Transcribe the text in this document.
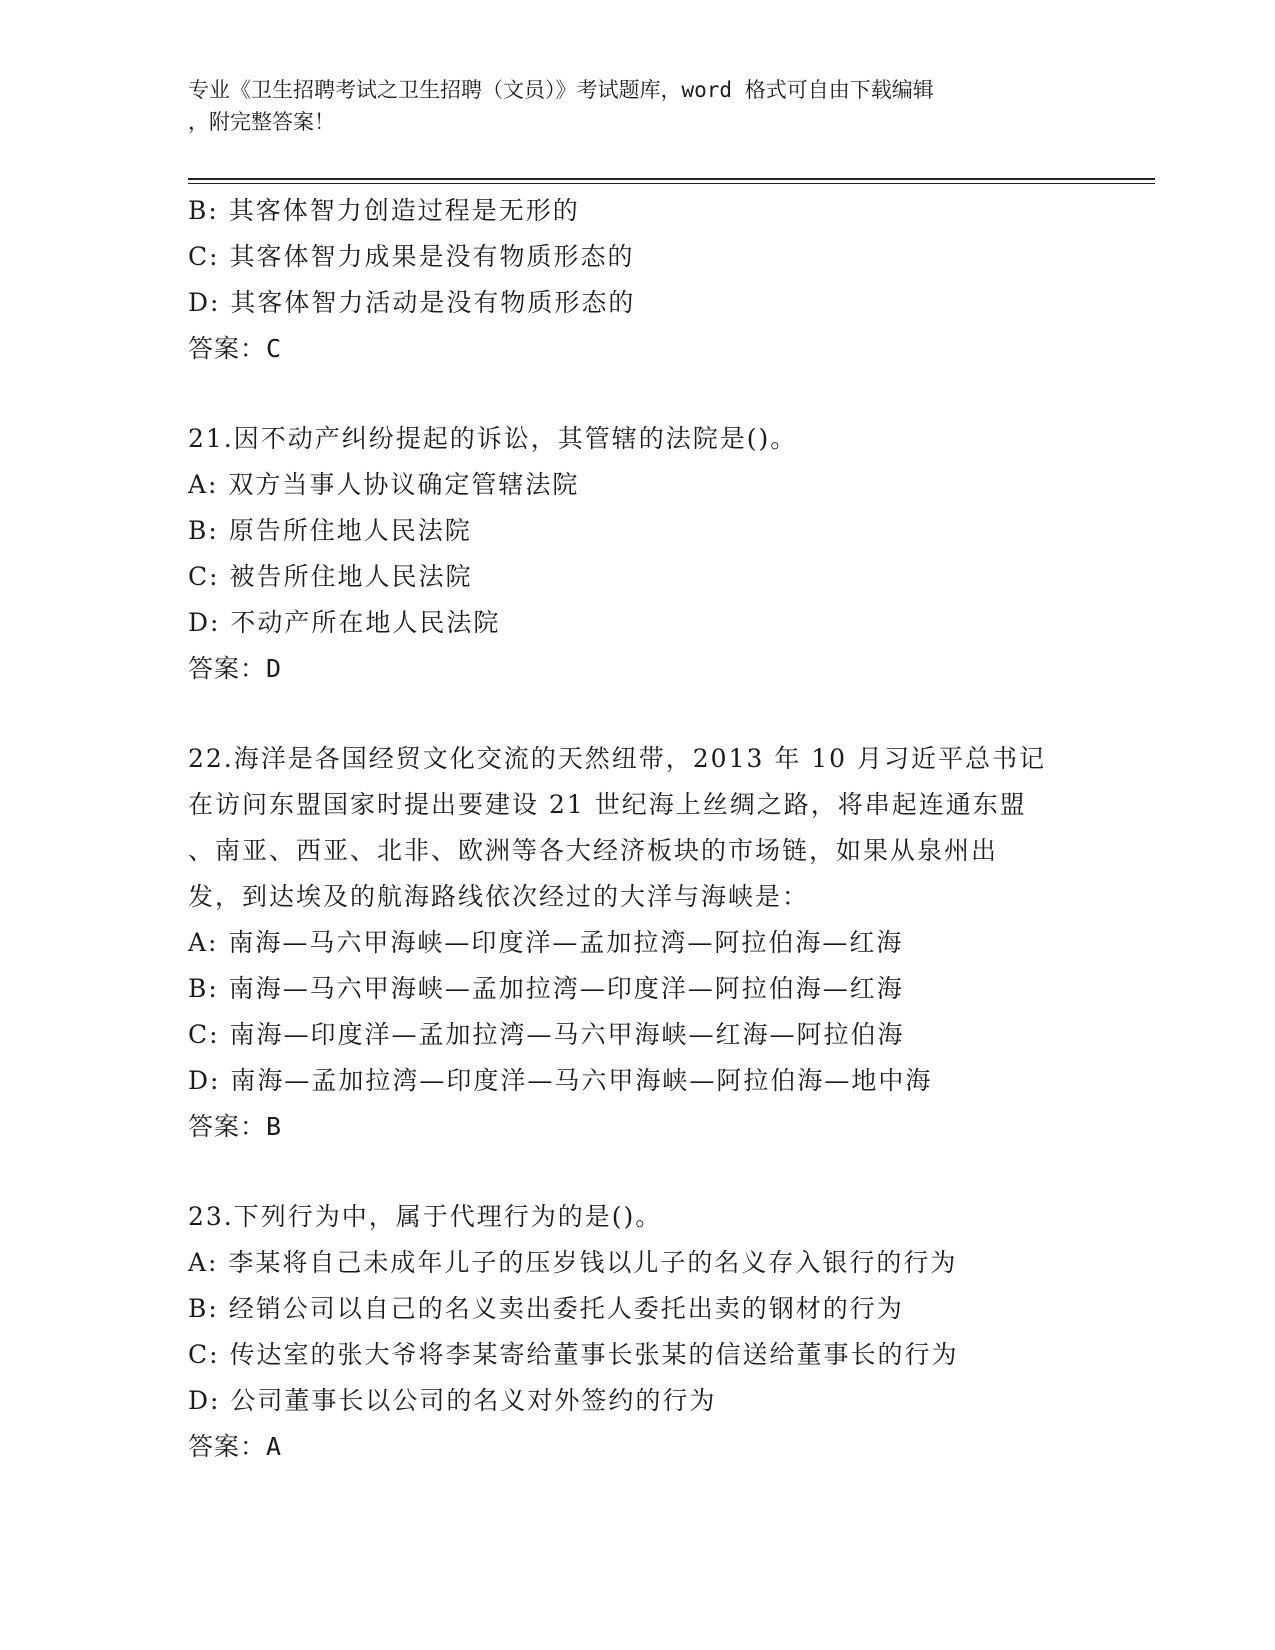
专业《卫生招聘考试之卫生招聘（文员）》考试题库，word 格式可自由下载编辑
，附完整答案！
B: 其客体智力创造过程是无形的
C: 其客体智力成果是没有物质形态的
D: 其客体智力活动是没有物质形态的
答案：C
21.因不动产纠纷提起的诉讼，其管辖的法院是()。
A: 双方当事人协议确定管辖法院
B: 原告所住地人民法院
C: 被告所住地人民法院
D: 不动产所在地人民法院
答案：D
22.海洋是各国经贸文化交流的天然纽带，2013 年 10 月习近平总书记
在访问东盟国家时提出要建设 21 世纪海上丝绸之路，将串起连通东盟
、南亚、西亚、北非、欧洲等各大经济板块的市场链，如果从泉州出
发，到达埃及的航海路线依次经过的大洋与海峡是：
A: 南海—马六甲海峡—印度洋—孟加拉湾—阿拉伯海—红海
B: 南海—马六甲海峡—孟加拉湾—印度洋—阿拉伯海—红海
C: 南海—印度洋—孟加拉湾—马六甲海峡—红海—阿拉伯海
D: 南海—孟加拉湾—印度洋—马六甲海峡—阿拉伯海—地中海
答案：B
23.下列行为中，属于代理行为的是()。
A: 李某将自己未成年儿子的压岁钱以儿子的名义存入银行的行为
B: 经销公司以自己的名义卖出委托人委托出卖的钢材的行为
C: 传达室的张大爷将李某寄给董事长张某的信送给董事长的行为
D: 公司董事长以公司的名义对外签约的行为
答案：A
